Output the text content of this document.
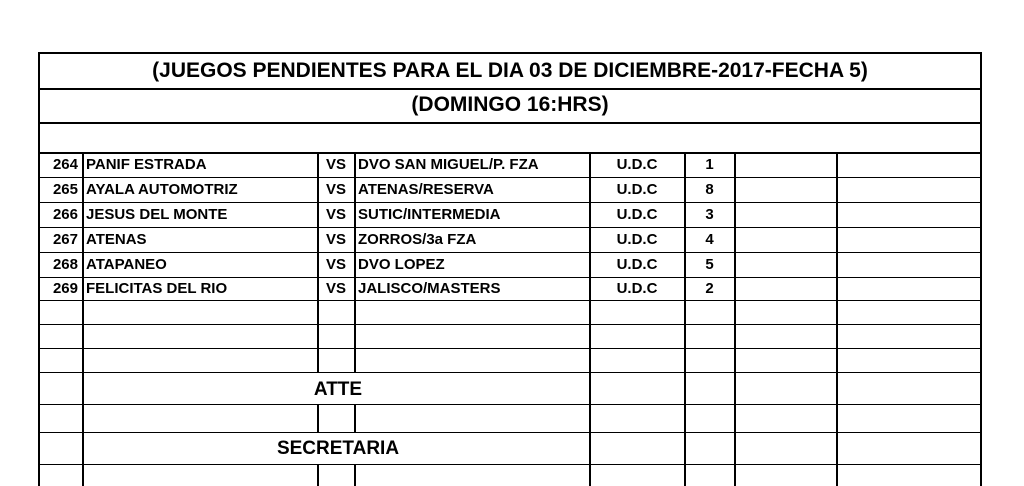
(JUEGOS PENDIENTES PARA EL DIA 03 DE DICIEMBRE-2017-FECHA 5)
(DOMINGO 16:HRS)
264 PANIF ESTRADA	VS DVO SAN MIGUEL/P. FZA	U.D.C	1
265 AYALA AUTOMOTRIZ	VS ATENAS/RESERVA	U.D.C	8
266 JESUS DEL MONTE	VS SUTIC/INTERMEDIA	U.D.C	3
267 ATENAS	VS ZORROS/3a FZA	U.D.C	4
268 ATAPANEO	VS DVO LOPEZ	U.D.C	5
269 FELICITAS DEL RIO	VS JALISCO/MASTERS	U.D.C	2
ATTE
SECRETARIA
